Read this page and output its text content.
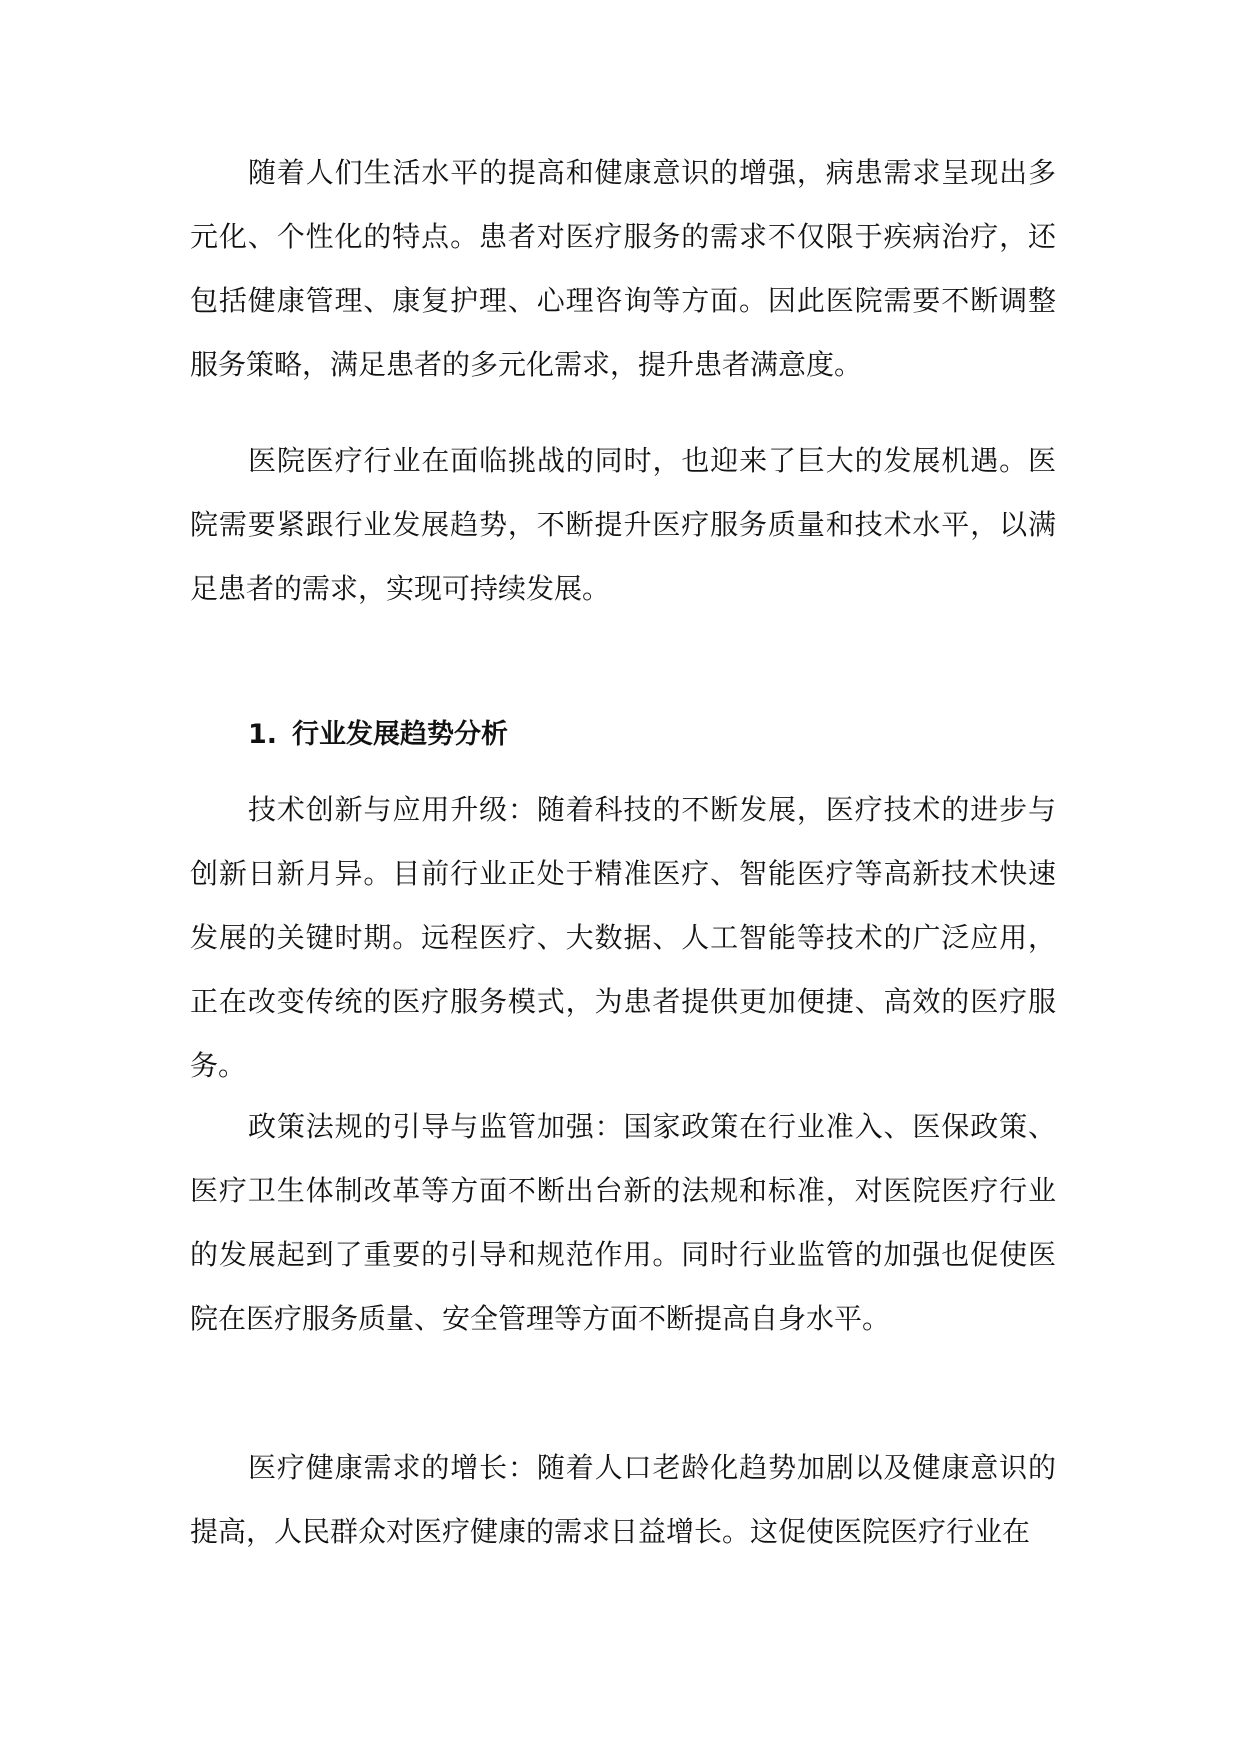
随着人们生活水平的提高和健康意识的增强，病患需求呈现出多元化、个性化的特点。患者对医疗服务的需求不仅限于疾病治疗，还包括健康管理、康复护理、心理咨询等方面。因此医院需要不断调整服务策略，满足患者的多元化需求，提升患者满意度。

医院医疗行业在面临挑战的同时，也迎来了巨大的发展机遇。医院需要紧跟行业发展趋势，不断提升医疗服务质量和技术水平，以满足患者的需求，实现可持续发展。

1. 行业发展趋势分析

技术创新与应用升级：随着科技的不断发展，医疗技术的进步与创新日新月异。目前行业正处于精准医疗、智能医疗等高新技术快速发展的关键时期。远程医疗、大数据、人工智能等技术的广泛应用，正在改变传统的医疗服务模式，为患者提供更加便捷、高效的医疗服务。

政策法规的引导与监管加强：国家政策在行业准入、医保政策、医疗卫生体制改革等方面不断出台新的法规和标准，对医院医疗行业的发展起到了重要的引导和规范作用。同时行业监管的加强也促使医院在医疗服务质量、安全管理等方面不断提高自身水平。

医疗健康需求的增长：随着人口老龄化趋势加剧以及健康意识的提高，人民群众对医疗健康的需求日益增长。这促使医院医疗行业在
